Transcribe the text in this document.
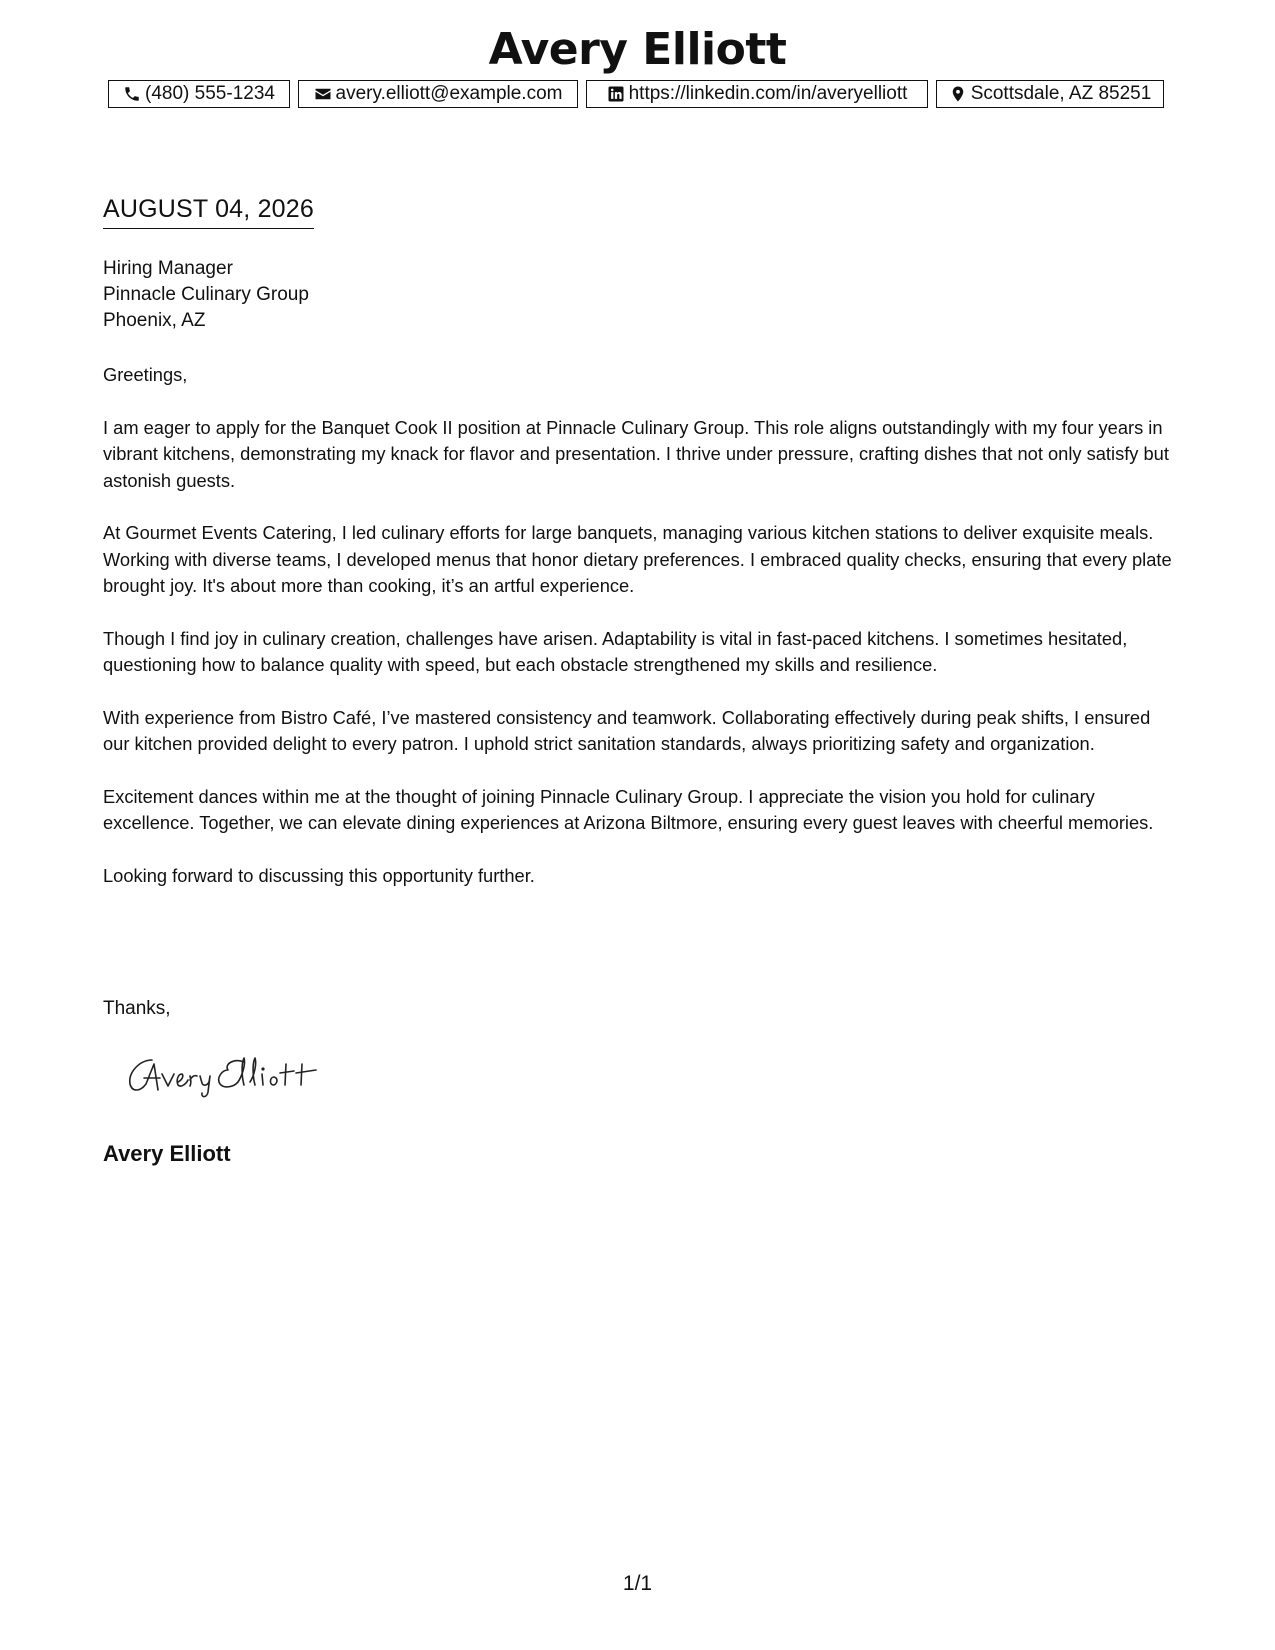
Avery Elliott
(480) 555-1234	avery.elliott@example.com	https://linkedin.com/in/averyelliott	Scottsdale, AZ 85251
AUGUST 04, 2026
Hiring Manager
Pinnacle Culinary Group
Phoenix, AZ

Greetings,

I am eager to apply for the Banquet Cook II position at Pinnacle Culinary Group. This role aligns outstandingly with my four years in vibrant kitchens, demonstrating my knack for flavor and presentation. I thrive under pressure, crafting dishes that not only satisfy but astonish guests.

At Gourmet Events Catering, I led culinary efforts for large banquets, managing various kitchen stations to deliver exquisite meals. Working with diverse teams, I developed menus that honor dietary preferences. I embraced quality checks, ensuring that every plate brought joy. It's about more than cooking, it’s an artful experience.

Though I find joy in culinary creation, challenges have arisen. Adaptability is vital in fast-paced kitchens. I sometimes hesitated, questioning how to balance quality with speed, but each obstacle strengthened my skills and resilience.

With experience from Bistro Café, I’ve mastered consistency and teamwork. Collaborating effectively during peak shifts, I ensured our kitchen provided delight to every patron. I uphold strict sanitation standards, always prioritizing safety and organization.

Excitement dances within me at the thought of joining Pinnacle Culinary Group. I appreciate the vision you hold for culinary excellence. Together, we can elevate dining experiences at Arizona Biltmore, ensuring every guest leaves with cheerful memories.

Looking forward to discussing this opportunity further.

Thanks,
Avery Elliott
1/1
